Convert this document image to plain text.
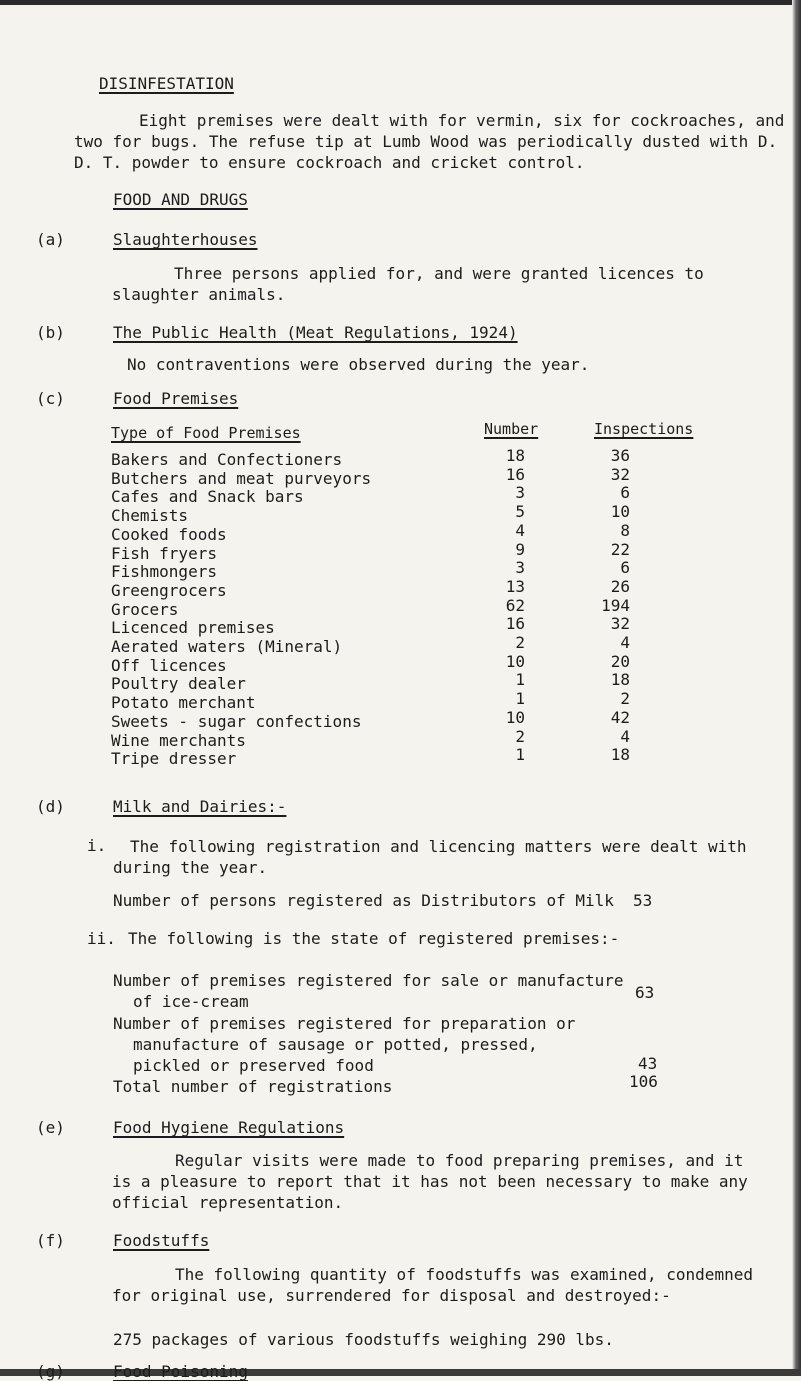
DISINFESTATION
Eight premises were dealt with for vermin, six for cockroaches, and two for bugs. The refuse tip at Lumb Wood was periodically dusted with D. D. T. powder to ensure cockroach and cricket control.
FOOD AND DRUGS
(a)	Slaughterhouses
Three persons applied for, and were granted licences to slaughter animals.
(b)	The Public Health (Meat Regulations, 1924)
No contraventions were observed during the year.
(c)	Food Premises
Type of Food Premises	Number	Inspections
Bakers and Confectioners	18	36
Butchers and meat purveyors	16	32
Cafes and Snack bars	3	6
Chemists	5	10
Cooked foods	4	8
Fish fryers	9	22
Fishmongers	3	6
Greengrocers	13	26
Grocers	62	194
Licenced premises	16	32
Aerated waters (Mineral)	2	4
Off licences	10	20
Poultry dealer	1	18
Potato merchant	1	2
Sweets - sugar confections	10	42
Wine merchants	2	4
Tripe dresser	1	18
(d)	Milk and Dairies:-
i.	The following registration and licencing matters were dealt with during the year.
Number of persons registered as Distributors of Milk 53
ii. The following is the state of registered premises:-
Number of premises registered for sale or manufacture
of ice-cream	63
Number of premises registered for preparation or
manufacture of sausage or potted, pressed,
pickled or preserved food	43
Total number of registrations	106
(e)	Food Hygiene Regulations
Regular visits were made to food preparing premises, and it is a pleasure to report that it has not been necessary to make any official representation.
(f)	Foodstuffs
The following quantity of foodstuffs was examined, condemned for original use, surrendered for disposal and destroyed:-
275 packages of various foodstuffs weighing 290 lbs.
(g)	Food Poisoning
